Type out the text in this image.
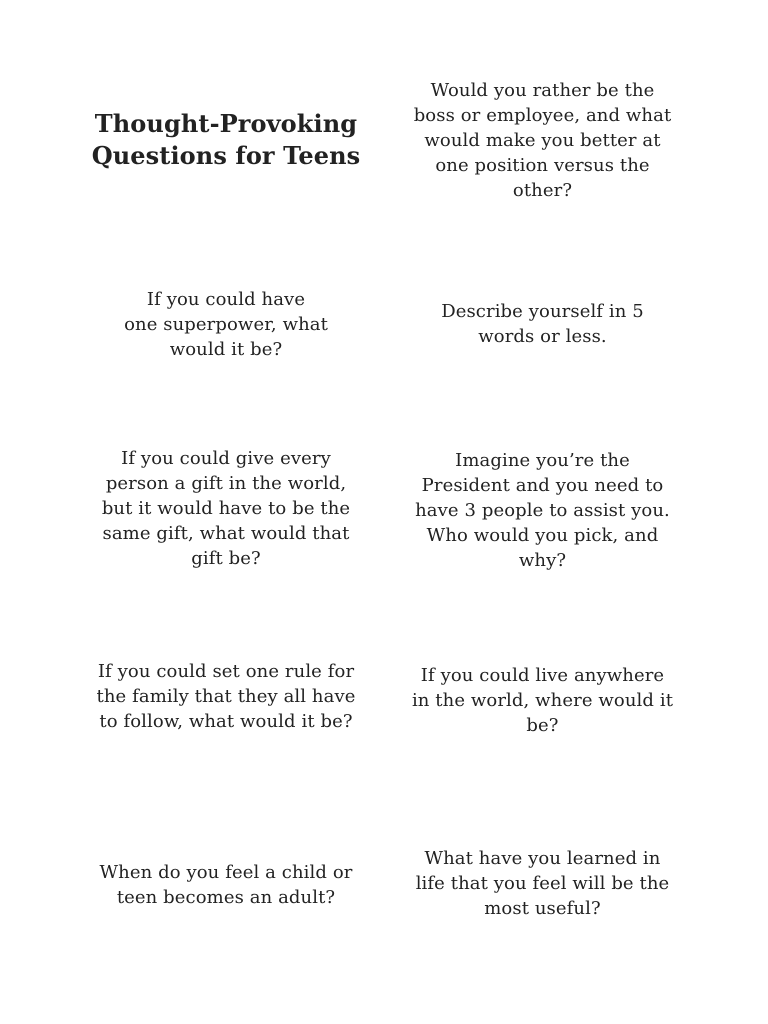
Thought-Provoking
Questions for Teens
Would you rather be the
boss or employee, and what
would make you better at
one position versus the
other?
If you could have
one superpower, what
would it be?
Describe yourself in 5
words or less.
If you could give every
person a gift in the world,
but it would have to be the
same gift, what would that
gift be?
Imagine you’re the
President and you need to
have 3 people to assist you.
Who would you pick, and
why?
If you could set one rule for
the family that they all have
to follow, what would it be?
If you could live anywhere
in the world, where would it
be?
When do you feel a child or
teen becomes an adult?
What have you learned in
life that you feel will be the
most useful?
